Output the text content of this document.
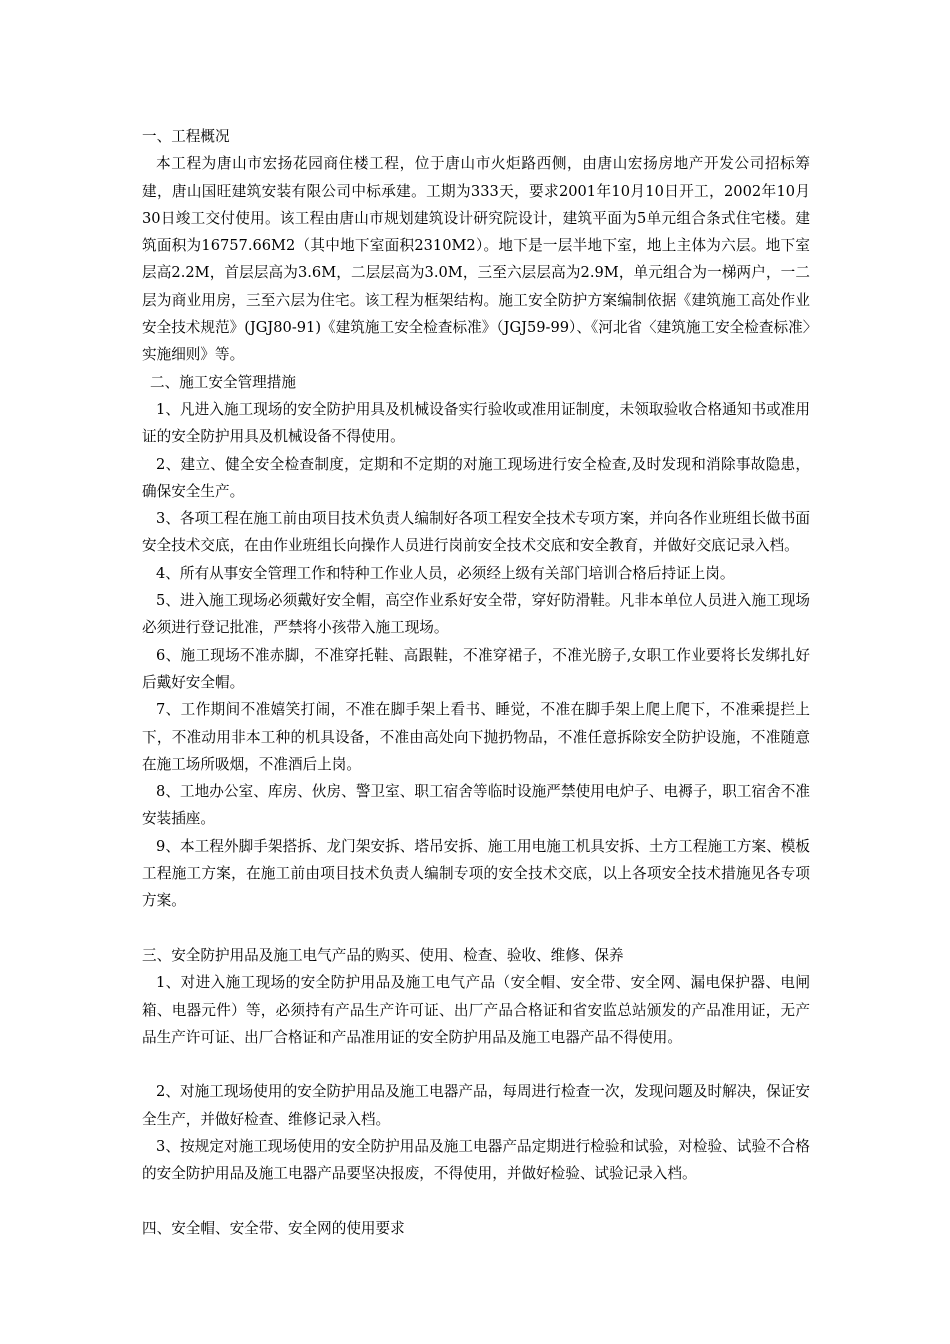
一、工程概况

本工程为唐山市宏扬花园商住楼工程，位于唐山市火炬路西侧，由唐山宏扬房地产开发公司招标筹建，唐山国旺建筑安装有限公司中标承建。工期为333天，要求2001年10月10日开工，2002年10月30日竣工交付使用。该工程由唐山市规划建筑设计研究院设计，建筑平面为5单元组合条式住宅楼。建筑面积为16757.66M2（其中地下室面积2310M2）。地下是一层半地下室，地上主体为六层。地下室层高2.2M，首层层高为3.6M，二层层高为3.0M，三至六层层高为2.9M，单元组合为一梯两户，一二层为商业用房，三至六层为住宅。该工程为框架结构。施工安全防护方案编制依据《建筑施工高处作业安全技术规范》(JGJ80-91)《建筑施工安全检查标准》（JGJ59-99）、《河北省〈建筑施工安全检查标准〉实施细则》等。

二、施工安全管理措施

1、凡进入施工现场的安全防护用具及机械设备实行验收或准用证制度，未领取验收合格通知书或准用证的安全防护用具及机械设备不得使用。

2、建立、健全安全检查制度，定期和不定期的对施工现场进行安全检查,及时发现和消除事故隐患，确保安全生产。

3、各项工程在施工前由项目技术负责人编制好各项工程安全技术专项方案，并向各作业班组长做书面安全技术交底，在由作业班组长向操作人员进行岗前安全技术交底和安全教育，并做好交底记录入档。

4、所有从事安全管理工作和特种工作业人员，必须经上级有关部门培训合格后持证上岗。

5、进入施工现场必须戴好安全帽，高空作业系好安全带，穿好防滑鞋。凡非本单位人员进入施工现场必须进行登记批准，严禁将小孩带入施工现场。

6、施工现场不准赤脚，不准穿托鞋、高跟鞋，不准穿裙子，不准光膀子,女职工作业要将长发绑扎好后戴好安全帽。

7、工作期间不准嬉笑打闹，不准在脚手架上看书、睡觉，不准在脚手架上爬上爬下，不准乘提拦上下，不准动用非本工种的机具设备，不准由高处向下抛扔物品，不准任意拆除安全防护设施，不准随意在施工场所吸烟，不准酒后上岗。

8、工地办公室、库房、伙房、警卫室、职工宿舍等临时设施严禁使用电炉子、电褥子，职工宿舍不准安装插座。

9、本工程外脚手架搭拆、龙门架安拆、塔吊安拆、施工用电施工机具安拆、土方工程施工方案、模板工程施工方案，在施工前由项目技术负责人编制专项的安全技术交底，以上各项安全技术措施见各专项方案。

三、安全防护用品及施工电气产品的购买、使用、检查、验收、维修、保养

1、对进入施工现场的安全防护用品及施工电气产品（安全帽、安全带、安全网、漏电保护器、电闸箱、电器元件）等，必须持有产品生产许可证、出厂产品合格证和省安监总站颁发的产品准用证，无产品生产许可证、出厂合格证和产品准用证的安全防护用品及施工电器产品不得使用。

2、对施工现场使用的安全防护用品及施工电器产品，每周进行检查一次，发现问题及时解决，保证安全生产，并做好检查、维修记录入档。

3、按规定对施工现场使用的安全防护用品及施工电器产品定期进行检验和试验，对检验、试验不合格的安全防护用品及施工电器产品要坚决报废，不得使用，并做好检验、试验记录入档。

四、安全帽、安全带、安全网的使用要求
